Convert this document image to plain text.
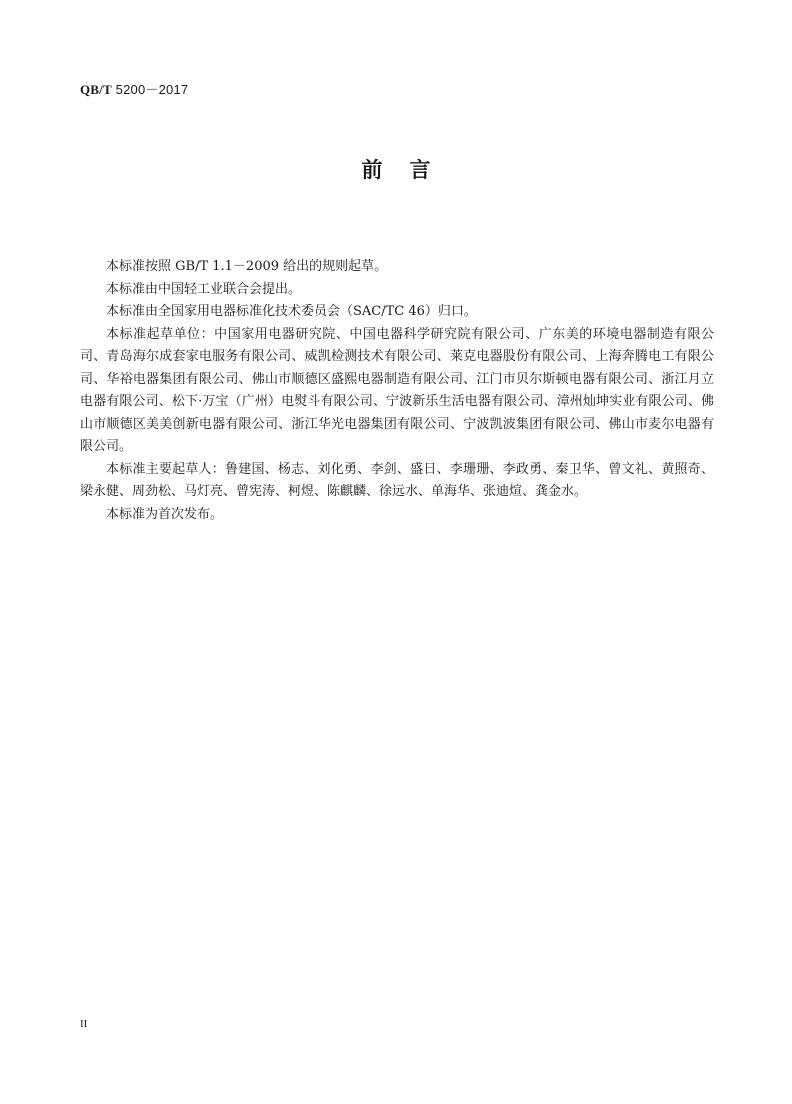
QB/T 5200－2017
前言

本标准按照 GB/T 1.1－2009 给出的规则起草。

本标准由中国轻工业联合会提出。

本标准由全国家用电器标准化技术委员会（SAC/TC 46）归口。

本标准起草单位：中国家用电器研究院、中国电器科学研究院有限公司、广东美的环境电器制造有限公司、青岛海尔成套家电服务有限公司、威凯检测技术有限公司、莱克电器股份有限公司、上海奔腾电工有限公司、华裕电器集团有限公司、佛山市顺德区盛熙电器制造有限公司、江门市贝尔斯顿电器有限公司、浙江月立电器有限公司、松下·万宝（广州）电熨斗有限公司、宁波新乐生活电器有限公司、漳州灿坤实业有限公司、佛山市顺德区美美创新电器有限公司、浙江华光电器集团有限公司、宁波凯波集团有限公司、佛山市麦尔电器有限公司。

本标准主要起草人：鲁建国、杨志、刘化勇、李剑、盛日、李珊珊、李政勇、秦卫华、曾文礼、黄照奇、梁永健、周劲松、马灯亮、曾宪涛、柯煜、陈麒麟、徐远水、单海华、张迪煊、龚金水。

本标准为首次发布。

II
